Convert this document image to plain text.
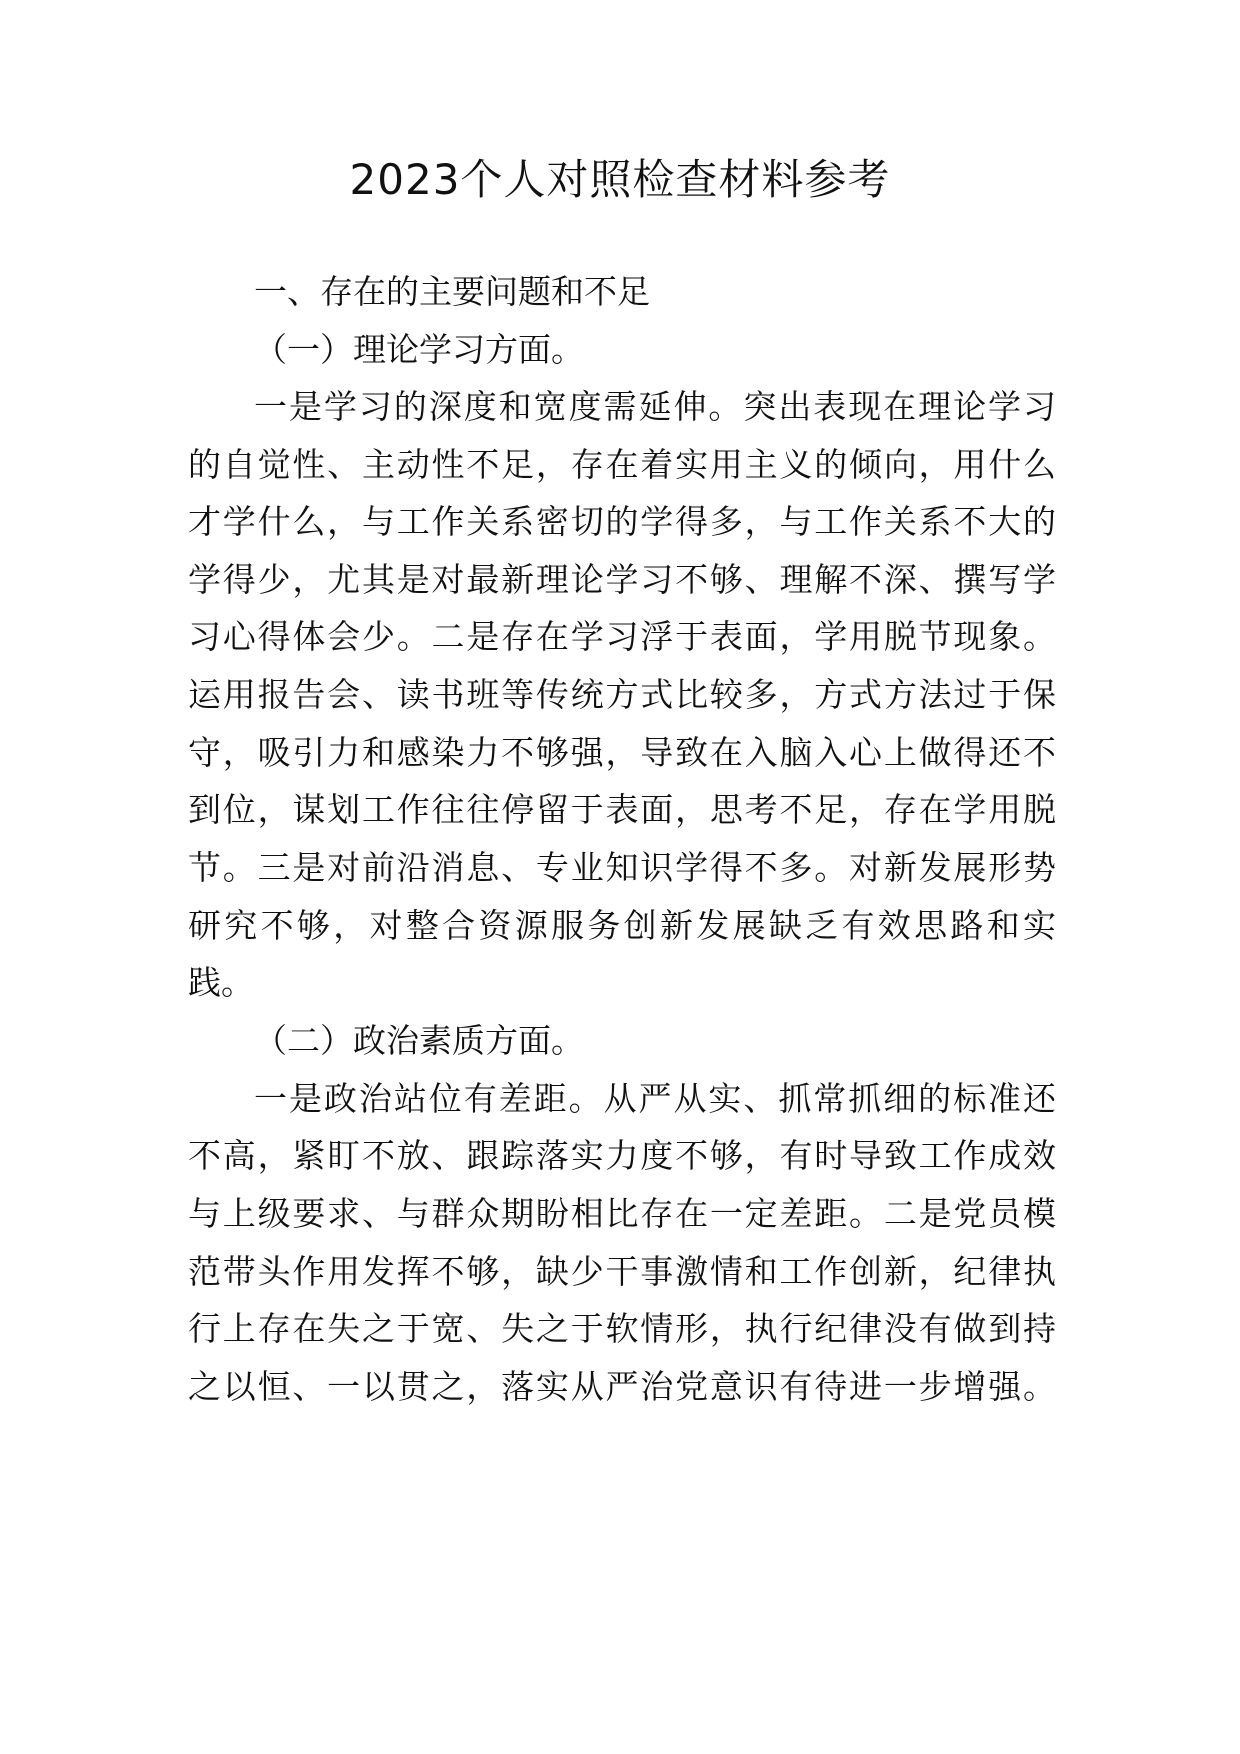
2023个人对照检查材料参考
一、存在的主要问题和不足
（一）理论学习方面。
一是学习的深度和宽度需延伸。突出表现在理论学习
的自觉性、主动性不足，存在着实用主义的倾向，用什么
才学什么，与工作关系密切的学得多，与工作关系不大的
学得少，尤其是对最新理论学习不够、理解不深、撰写学
习心得体会少。二是存在学习浮于表面，学用脱节现象。
运用报告会、读书班等传统方式比较多，方式方法过于保
守，吸引力和感染力不够强，导致在入脑入心上做得还不
到位，谋划工作往往停留于表面，思考不足，存在学用脱
节。三是对前沿消息、专业知识学得不多。对新发展形势
研究不够，对整合资源服务创新发展缺乏有效思路和实
践。
（二）政治素质方面。
一是政治站位有差距。从严从实、抓常抓细的标准还
不高，紧盯不放、跟踪落实力度不够，有时导致工作成效
与上级要求、与群众期盼相比存在一定差距。二是党员模
范带头作用发挥不够，缺少干事激情和工作创新，纪律执
行上存在失之于宽、失之于软情形，执行纪律没有做到持
之以恒、一以贯之，落实从严治党意识有待进一步增强。
